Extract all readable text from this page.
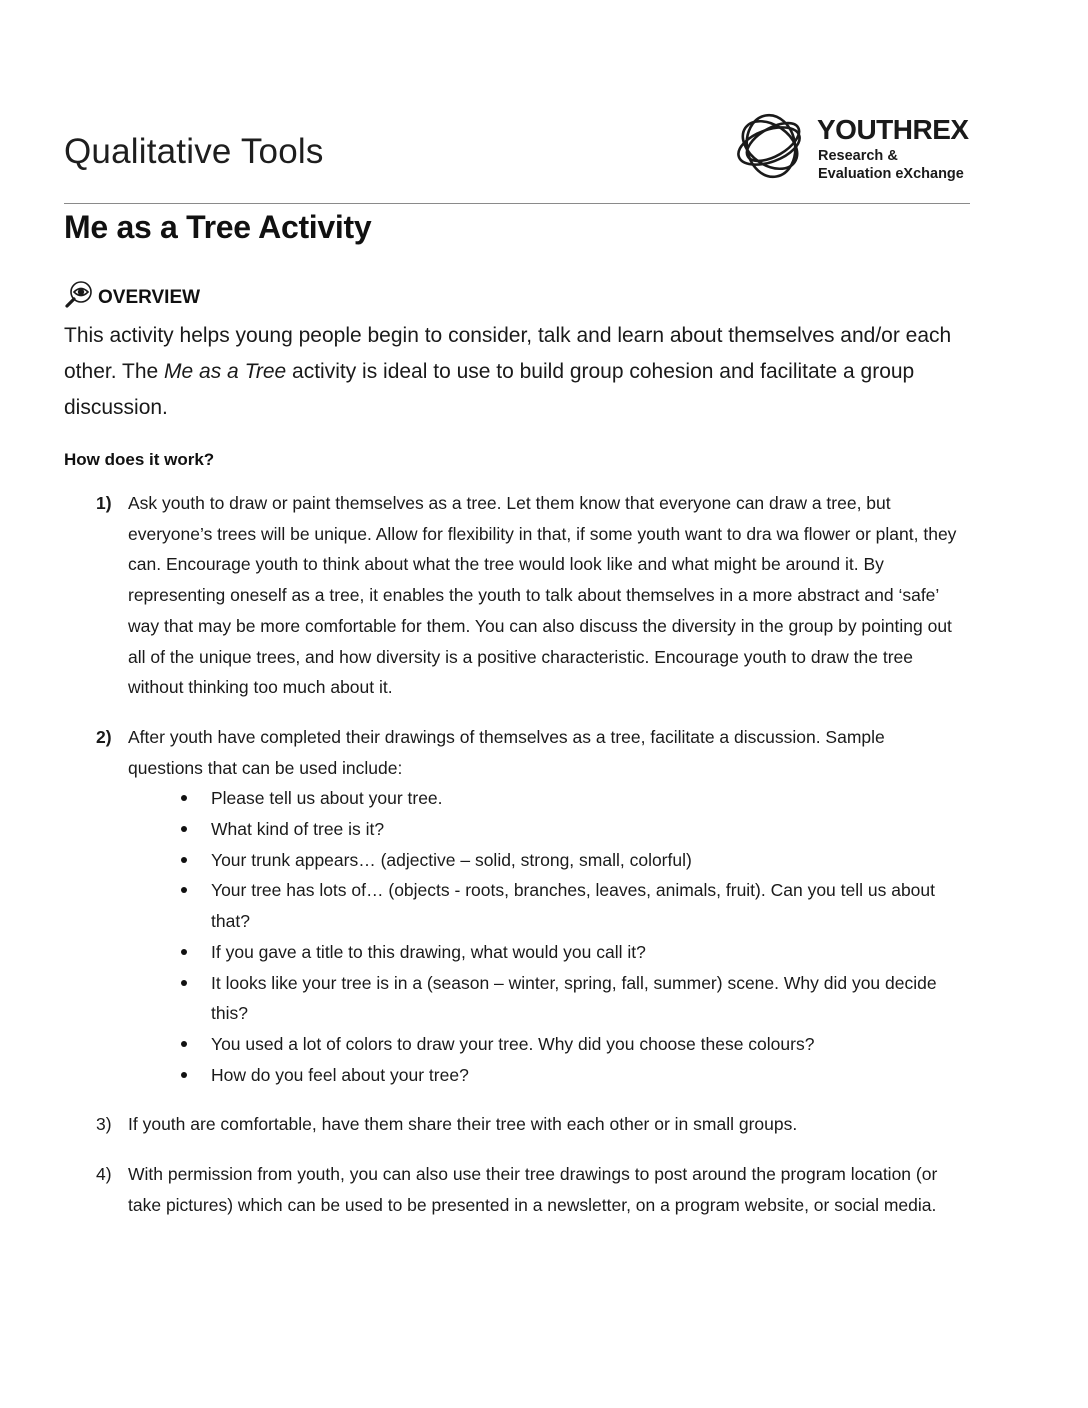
Qualitative Tools
YOUTHREX
Research &
Evaluation eXchange
Me as a Tree Activity
OVERVIEW
This activity helps young people begin to consider, talk and learn about themselves and/or each other. The Me as a Tree activity is ideal to use to build group cohesion and facilitate a group discussion.
How does it work?
1) Ask youth to draw or paint themselves as a tree. Let them know that everyone can draw a tree, but everyone’s trees will be unique. Allow for flexibility in that, if some youth want to dra wa flower or plant, they can. Encourage youth to think about what the tree would look like and what might be around it. By representing oneself as a tree, it enables the youth to talk about themselves in a more abstract and ‘safe’ way that may be more comfortable for them. You can also discuss the diversity in the group by pointing out all of the unique trees, and how diversity is a positive characteristic. Encourage youth to draw the tree without thinking too much about it.
2) After youth have completed their drawings of themselves as a tree, facilitate a discussion. Sample questions that can be used include:
Please tell us about your tree.
What kind of tree is it?
Your trunk appears… (adjective – solid, strong, small, colorful)
Your tree has lots of… (objects - roots, branches, leaves, animals, fruit). Can you tell us about that?
If you gave a title to this drawing, what would you call it?
It looks like your tree is in a (season – winter, spring, fall, summer) scene. Why did you decide this?
You used a lot of colors to draw your tree. Why did you choose these colours?
How do you feel about your tree?
3) If youth are comfortable, have them share their tree with each other or in small groups.
4) With permission from youth, you can also use their tree drawings to post around the program location (or take pictures) which can be used to be presented in a newsletter, on a program website, or social media.
